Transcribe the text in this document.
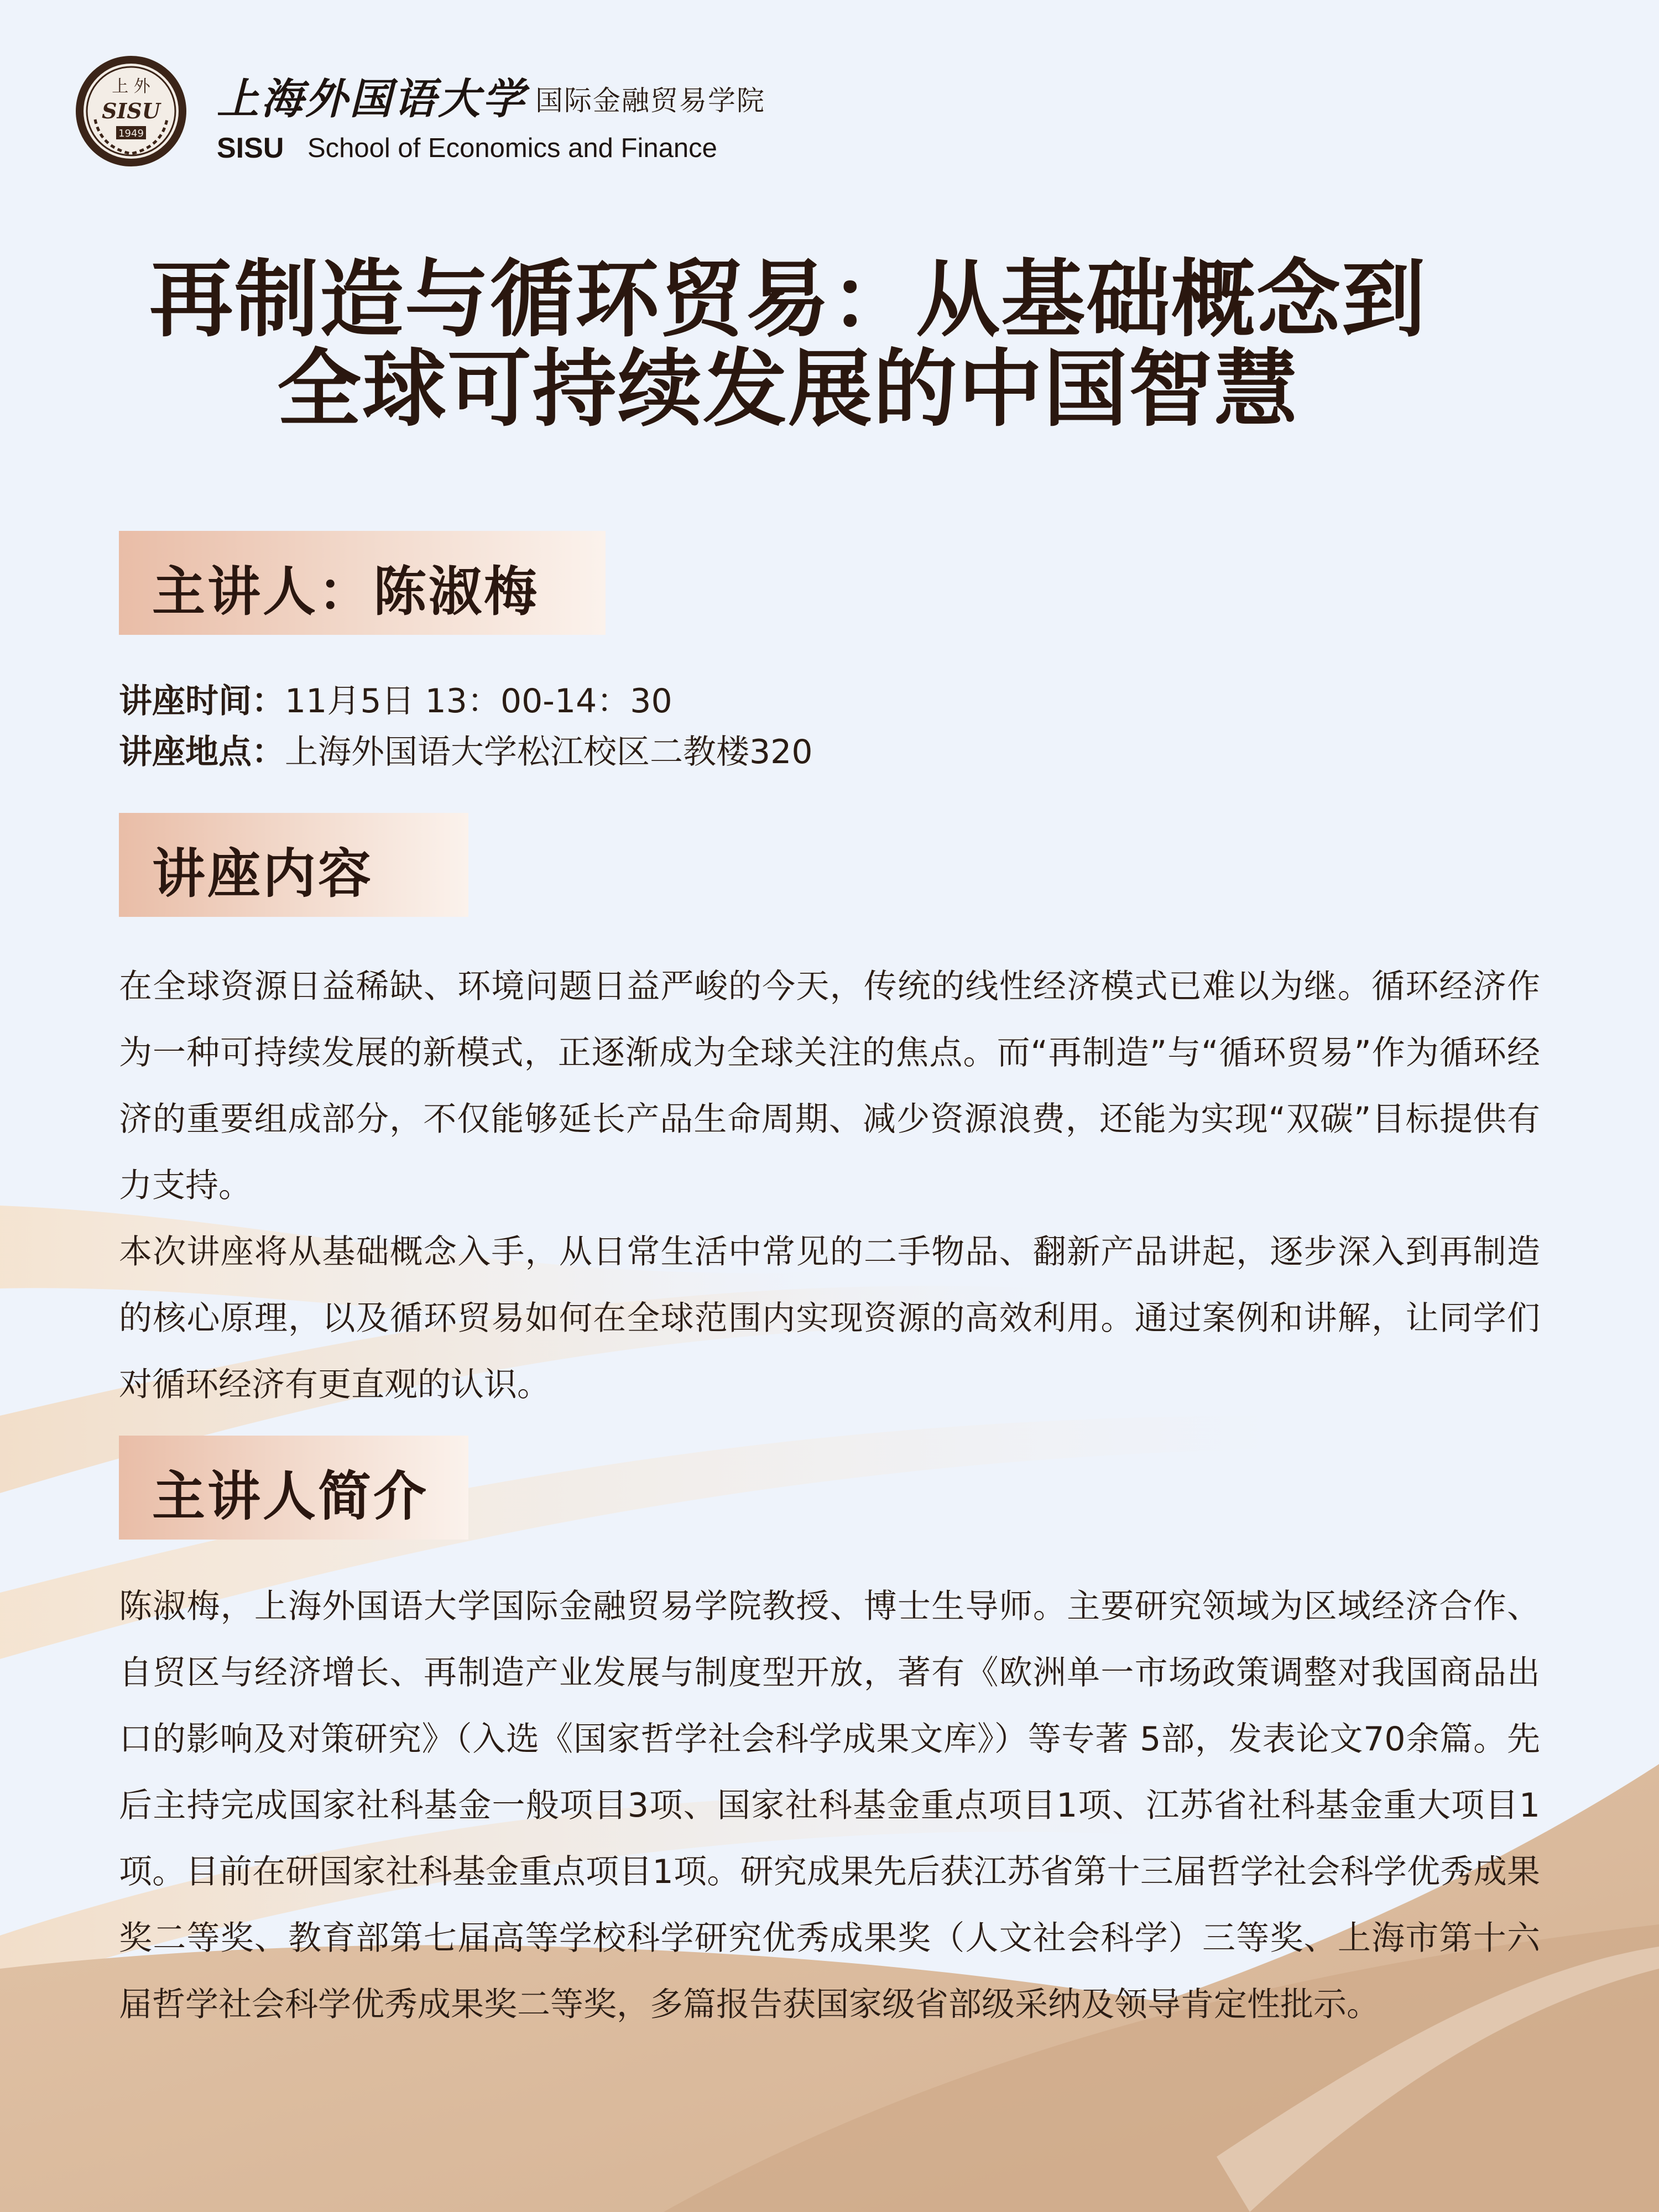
上 外
SISU
1949
上海外国语大学 国际金融贸易学院
SISU School of Economics and Finance
再制造与循环贸易：从基础概念到
全球可持续发展的中国智慧
主讲人：陈淑梅
讲座时间：11月5日 13：00-14：30
讲座地点：上海外国语大学松江校区二教楼320
讲座内容
在全球资源日益稀缺、环境问题日益严峻的今天，传统的线性经济模式已难以为继。循环经济作为一种可持续发展的新模式，正逐渐成为全球关注的焦点。而“再制造”与“循环贸易”作为循环经济的重要组成部分，不仅能够延长产品生命周期、减少资源浪费，还能为实现“双碳”目标提供有力支持。
本次讲座将从基础概念入手，从日常生活中常见的二手物品、翻新产品讲起，逐步深入到再制造的核心原理，以及循环贸易如何在全球范围内实现资源的高效利用。通过案例和讲解，让同学们对循环经济有更直观的认识。
主讲人简介
陈淑梅，上海外国语大学国际金融贸易学院教授、博士生导师。主要研究领域为区域经济合作、自贸区与经济增长、再制造产业发展与制度型开放，著有《欧洲单一市场政策调整对我国商品出口的影响及对策研究》（入选《国家哲学社会科学成果文库》）等专著 5部，发表论文70余篇。先后主持完成国家社科基金一般项目3项、国家社科基金重点项目1项、江苏省社科基金重大项目1项。目前在研国家社科基金重点项目1项。研究成果先后获江苏省第十三届哲学社会科学优秀成果奖二等奖、教育部第七届高等学校科学研究优秀成果奖（人文社会科学）三等奖、上海市第十六届哲学社会科学优秀成果奖二等奖，多篇报告获国家级省部级采纳及领导肯定性批示。
